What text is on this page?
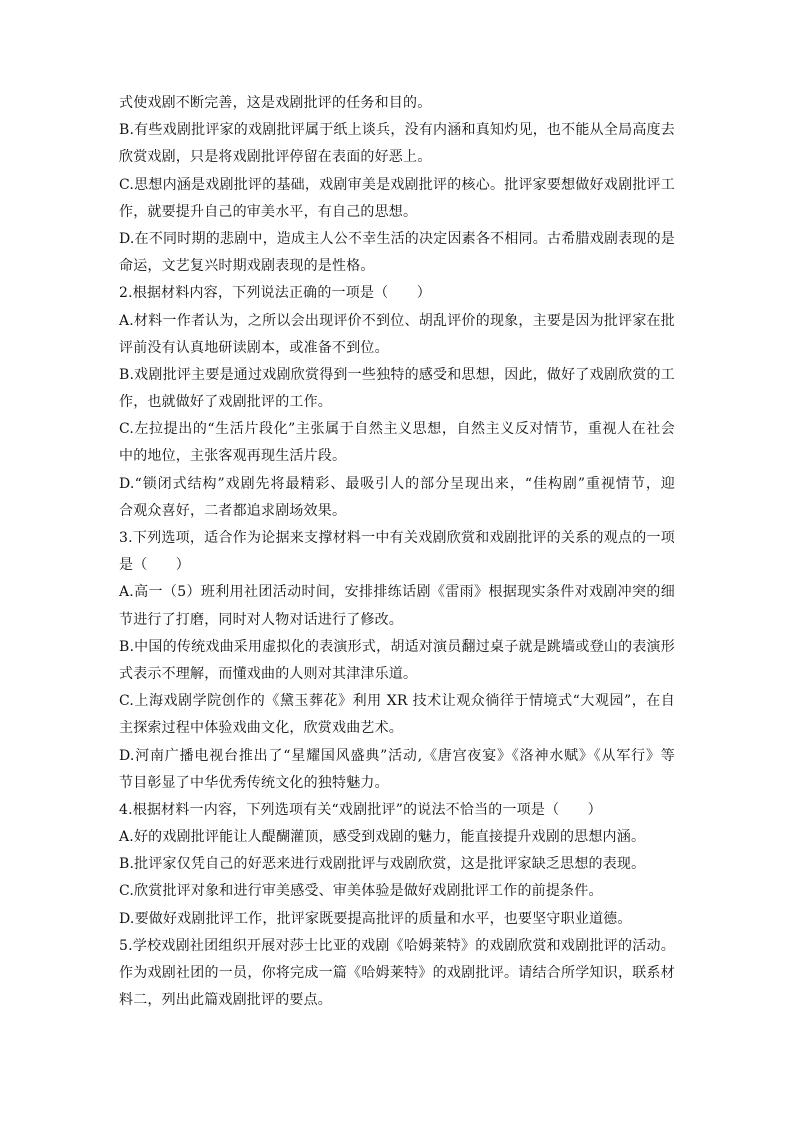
式使戏剧不断完善，这是戏剧批评的任务和目的。
B.有些戏剧批评家的戏剧批评属于纸上谈兵，没有内涵和真知灼见，也不能从全局高度去
欣赏戏剧，只是将戏剧批评停留在表面的好恶上。
C.思想内涵是戏剧批评的基础，戏剧审美是戏剧批评的核心。批评家要想做好戏剧批评工
作，就要提升自己的审美水平，有自己的思想。
D.在不同时期的悲剧中，造成主人公不幸生活的决定因素各不相同。古希腊戏剧表现的是
命运，文艺复兴时期戏剧表现的是性格。
2.根据材料内容，下列说法正确的一项是（　　）
A.材料一作者认为，之所以会出现评价不到位、胡乱评价的现象，主要是因为批评家在批
评前没有认真地研读剧本，或准备不到位。
B.戏剧批评主要是通过戏剧欣赏得到一些独特的感受和思想，因此，做好了戏剧欣赏的工
作，也就做好了戏剧批评的工作。
C.左拉提出的“生活片段化”主张属于自然主义思想，自然主义反对情节，重视人在社会
中的地位，主张客观再现生活片段。
D.“锁闭式结构”戏剧先将最精彩、最吸引人的部分呈现出来，“佳构剧”重视情节，迎
合观众喜好，二者都追求剧场效果。
3.下列选项，适合作为论据来支撑材料一中有关戏剧欣赏和戏剧批评的关系的观点的一项
是（　　）
A.高一（5）班利用社团活动时间，安排排练话剧《雷雨》根据现实条件对戏剧冲突的细
节进行了打磨，同时对人物对话进行了修改。
B.中国的传统戏曲采用虚拟化的表演形式，胡适对演员翻过桌子就是跳墙或登山的表演形
式表示不理解，而懂戏曲的人则对其津津乐道。
C.上海戏剧学院创作的《黛玉葬花》利用 XR 技术让观众徜徉于情境式“大观园”，在自
主探索过程中体验戏曲文化，欣赏戏曲艺术。
D.河南广播电视台推出了“星耀国风盛典”活动,《唐宫夜宴》《洛神水赋》《从军行》等
节目彰显了中华优秀传统文化的独特魅力。
4.根据材料一内容，下列选项有关“戏剧批评”的说法不恰当的一项是（　　）
A.好的戏剧批评能让人醍醐灌顶，感受到戏剧的魅力，能直接提升戏剧的思想内涵。
B.批评家仅凭自己的好恶来进行戏剧批评与戏剧欣赏，这是批评家缺乏思想的表现。
C.欣赏批评对象和进行审美感受、审美体验是做好戏剧批评工作的前提条件。
D.要做好戏剧批评工作，批评家既要提高批评的质量和水平，也要坚守职业道德。
5.学校戏剧社团组织开展对莎士比亚的戏剧《哈姆莱特》的戏剧欣赏和戏剧批评的活动。
作为戏剧社团的一员，你将完成一篇《哈姆莱特》的戏剧批评。请结合所学知识，联系材
料二，列出此篇戏剧批评的要点。
